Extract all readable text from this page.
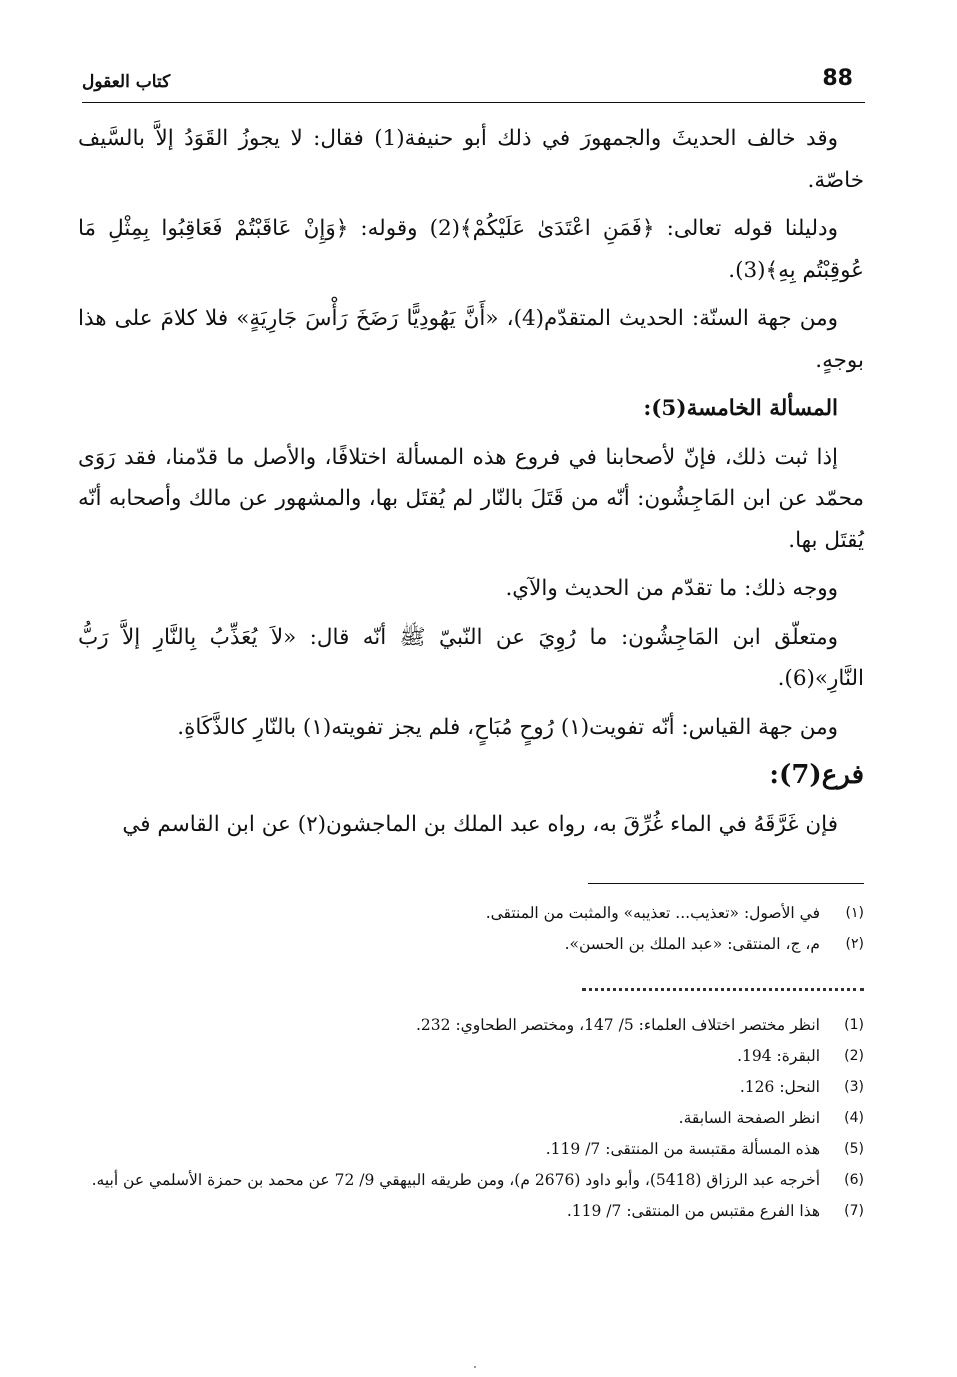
88
كتاب العقول

وقد خالف الحديثَ والجمهورَ في ذلك أبو حنيفة(1) فقال: لا يجوزُ القَوَدُ إلاَّ بالسَّيف خاصّة.

ودليلنا قوله تعالى: ﴿فَمَنِ اعْتَدَىٰ عَلَيْكُمْ﴾(2) وقوله: ﴿وَإِنْ عَاقَبْتُمْ فَعَاقِبُوا بِمِثْلِ مَا عُوقِبْتُم بِهِ﴾(3).

ومن جهة السنّة: الحديث المتقدّم(4)، «أَنَّ يَهُودِيًّا رَضَخَ رَأْسَ جَارِيَةٍ» فلا كلامَ على هذا بوجهٍ.

المسألة الخامسة(5):

إذا ثبت ذلك، فإنّ لأصحابنا في فروع هذه المسألة اختلافًا، والأصل ما قدّمنا، فقد رَوَى محمّد عن ابن المَاجِشُون: أنّه من قَتَلَ بالنّار لم يُقتَل بها، والمشهور عن مالك وأصحابه أنّه يُقتَل بها.

ووجه ذلك: ما تقدّم من الحديث والآي.

ومتعلّق ابن المَاجِشُون: ما رُوِيَ عن النّبيّ ﷺ أنّه قال: «لاَ يُعَذِّبُ بِالنَّارِ إلاَّ رَبُّ النَّارِ»(6).

ومن جهة القياس: أنّه تفويت(١) رُوحٍ مُبَاحٍ، فلم يجز تفويته(١) بالنّارِ كالذَّكَاةِ.

فرع(7):

فإن غَرَّقَهُ في الماء غُرِّقَ به، رواه عبد الملك بن الماجشون(٢) عن ابن القاسم في

(١)
في الأصول: «تعذيب... تعذيبه» والمثبت من المنتقى.
(٢)
م، ج، المنتقى: «عبد الملك بن الحسن».
(1)
انظر مختصر اختلاف العلماء: 5/ 147، ومختصر الطحاوي: 232.
(2)
البقرة: 194.
(3)
النحل: 126.
(4)
انظر الصفحة السابقة.
(5)
هذه المسألة مقتبسة من المنتقى: 7/ 119.
(6)
أخرجه عبد الرزاق (5418)، وأبو داود (2676 م)، ومن طريقه البيهقي 9/ 72 عن محمد بن حمزة الأسلمي عن أبيه.
(7)
هذا الفرع مقتبس من المنتقى: 7/ 119.
